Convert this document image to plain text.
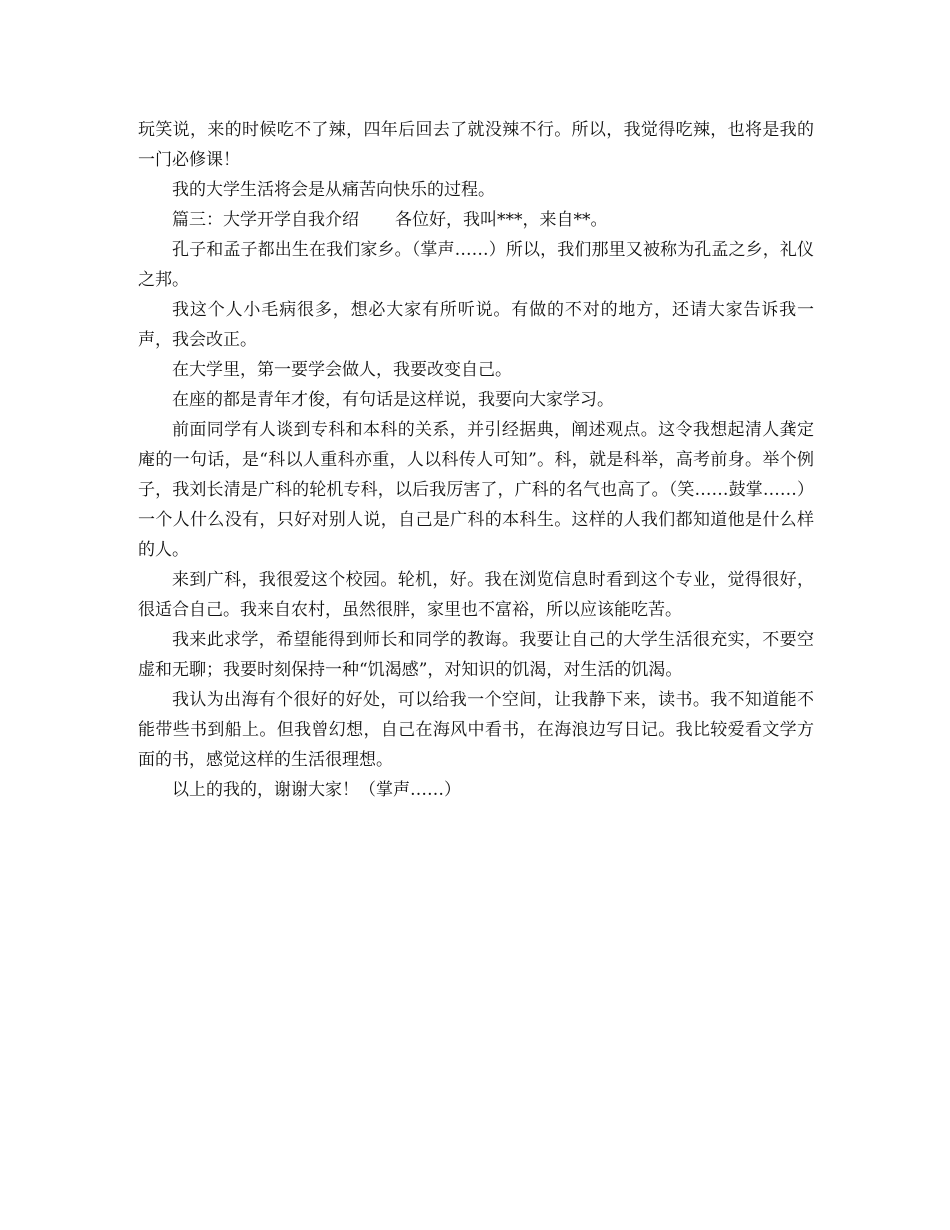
玩笑说，来的时候吃不了辣，四年后回去了就没辣不行。所以，我觉得吃辣，也将是我的一门必修课！

我的大学生活将会是从痛苦向快乐的过程。

篇三：大学开学自我介绍 各位好，我叫***，来自**。

孔子和孟子都出生在我们家乡。（掌声……）所以，我们那里又被称为孔孟之乡，礼仪之邦。

我这个人小毛病很多，想必大家有所听说。有做的不对的地方，还请大家告诉我一声，我会改正。

在大学里，第一要学会做人，我要改变自己。

在座的都是青年才俊，有句话是这样说，我要向大家学习。

前面同学有人谈到专科和本科的关系，并引经据典，阐述观点。这令我想起清人龚定庵的一句话，是“科以人重科亦重，人以科传人可知”。科，就是科举，高考前身。举个例子，我刘长清是广科的轮机专科，以后我厉害了，广科的名气也高了。（笑……鼓掌……）一个人什么没有，只好对别人说，自己是广科的本科生。这样的人我们都知道他是什么样的人。

来到广科，我很爱这个校园。轮机，好。我在浏览信息时看到这个专业，觉得很好，很适合自己。我来自农村，虽然很胖，家里也不富裕，所以应该能吃苦。

我来此求学，希望能得到师长和同学的教诲。我要让自己的大学生活很充实，不要空虚和无聊；我要时刻保持一种“饥渴感”，对知识的饥渴，对生活的饥渴。

我认为出海有个很好的好处，可以给我一个空间，让我静下来，读书。我不知道能不能带些书到船上。但我曾幻想，自己在海风中看书，在海浪边写日记。我比较爱看文学方面的书，感觉这样的生活很理想。

以上的我的，谢谢大家！（掌声……）
